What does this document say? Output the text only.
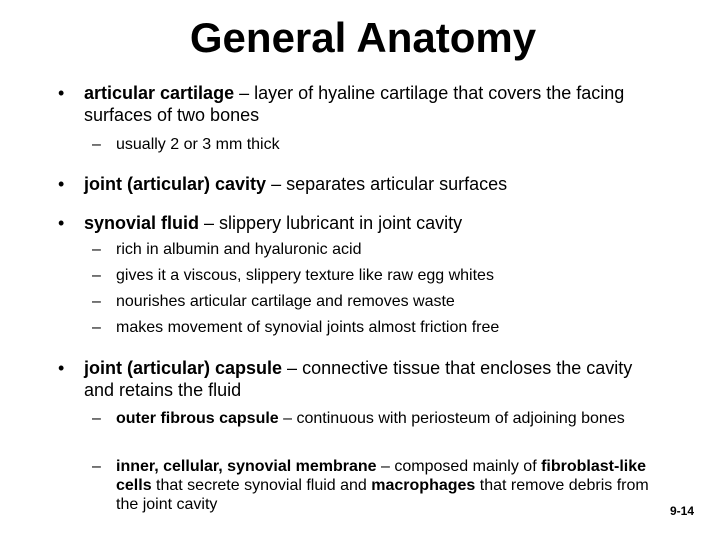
General Anatomy
•	articular cartilage – layer of hyaline cartilage that covers the facing surfaces of two bones
– usually 2 or 3 mm thick
•	joint (articular) cavity – separates articular surfaces
•	synovial fluid – slippery lubricant in joint cavity
– rich in albumin and hyaluronic acid
– gives it a viscous, slippery texture like raw egg whites
– nourishes articular cartilage and removes waste
– makes movement of synovial joints almost friction free
•	joint (articular) capsule – connective tissue that encloses the cavity and retains the fluid
– outer fibrous capsule – continuous with periosteum of adjoining bones
– inner, cellular, synovial membrane – composed mainly of fibroblast-like cells that secrete synovial fluid and macrophages that remove debris from the joint cavity	9-14
